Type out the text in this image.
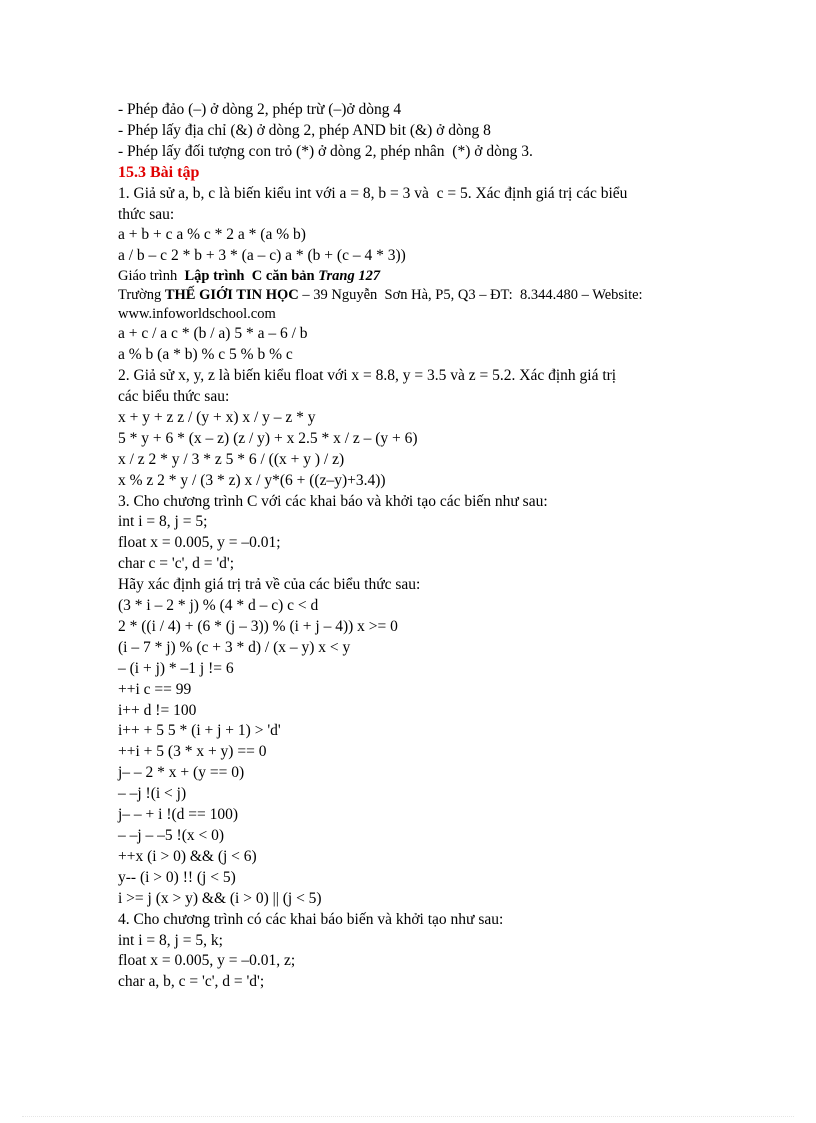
- Phép đảo (–) ở dòng 2, phép trừ (–)ở dòng 4
- Phép lấy địa chỉ (&) ở dòng 2, phép AND bit (&) ở dòng 8
- Phép lấy đối tượng con trỏ (*) ở dòng 2, phép nhân  (*) ở dòng 3.
15.3 Bài tập
1. Giả sử a, b, c là biến kiểu int với a = 8, b = 3 và  c = 5. Xác định giá trị các biểu
thức sau:
a + b + c a % c * 2 a * (a % b)
a / b – c 2 * b + 3 * (a – c) a * (b + (c – 4 * 3))
Giáo trình  Lập trình  C căn bản Trang 127
Trường THẾ GIỚI TIN HỌC – 39 Nguyễn  Sơn Hà, P5, Q3 – ĐT:  8.344.480 – Website:
www.infoworldschool.com
a + c / a c * (b / a) 5 * a – 6 / b
a % b (a * b) % c 5 % b % c
2. Giả sử x, y, z là biến kiểu float với x = 8.8, y = 3.5 và z = 5.2. Xác định giá trị
các biểu thức sau:
x + y + z z / (y + x) x / y – z * y
5 * y + 6 * (x – z) (z / y) + x 2.5 * x / z – (y + 6)
x / z 2 * y / 3 * z 5 * 6 / ((x + y ) / z)
x % z 2 * y / (3 * z) x / y*(6 + ((z–y)+3.4))
3. Cho chương trình C với các khai báo và khởi tạo các biến như sau:
int i = 8, j = 5;
float x = 0.005, y = –0.01;
char c = 'c', d = 'd';
Hãy xác định giá trị trả về của các biểu thức sau:
(3 * i – 2 * j) % (4 * d – c) c < d
2 * ((i / 4) + (6 * (j – 3)) % (i + j – 4)) x >= 0
(i – 7 * j) % (c + 3 * d) / (x – y) x < y
– (i + j) * –1 j != 6
++i c == 99
i++ d != 100
i++ + 5 5 * (i + j + 1) > 'd'
++i + 5 (3 * x + y) == 0
j– – 2 * x + (y == 0)
– –j !(i < j)
j– – + i !(d == 100)
– –j – –5 !(x < 0)
++x (i > 0) && (j < 6)
y-- (i > 0) !! (j < 5)
i >= j (x > y) && (i > 0) || (j < 5)
4. Cho chương trình có các khai báo biến và khởi tạo như sau:
int i = 8, j = 5, k;
float x = 0.005, y = –0.01, z;
char a, b, c = 'c', d = 'd';
